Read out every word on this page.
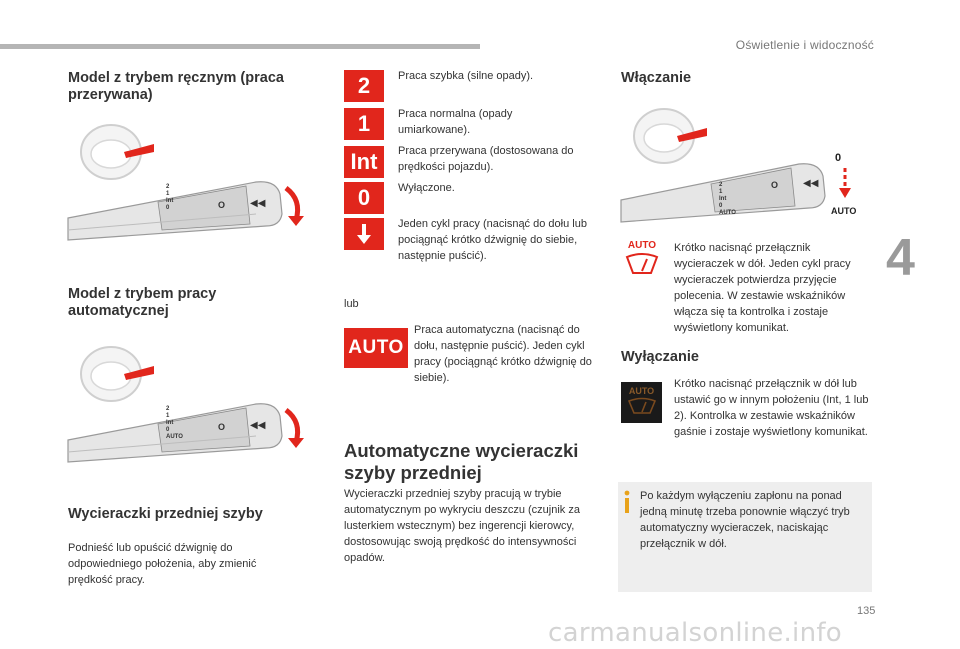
Oświetlenie i widoczność
4
135
carmanualsonline.info
Model z trybem ręcznym (praca przerywana)
2
1
Int
0	O ◀◀
Model z trybem pracy automatycznej
2
1
Int
0
AUTO
O ◀◀
Wycieraczki przedniej szyby
Podnieść lub opuścić dźwignię do odpowiedniego położenia, aby zmienić prędkość pracy.
2	Praca szybka (silne opady).
1	Praca normalna (opady umiarkowane).
Int	Praca przerywana (dostosowana do prędkości pojazdu).
0	Wyłączone.
Jeden cykl pracy (nacisnąć do dołu lub pociągnąć krótko dźwignię do siebie, następnie puścić).
lub
AUTO
Praca automatyczna (nacisnąć do dołu, następnie puścić). Jeden cykl pracy (pociągnąć krótko dźwignię do siebie).
Automatyczne wycieraczki szyby przedniej
Wycieraczki przedniej szyby pracują w trybie automatycznym po wykryciu deszczu (czujnik za lusterkiem wstecznym) bez ingerencji kierowcy, dostosowując swoją prędkość do intensywności opadów.
Włączanie
2
1
Int
0
AUTO
O ◀◀
0
AUTO
AUTO	Krótko nacisnąć przełącznik wycieraczek w dół. Jeden cykl pracy wycieraczek potwierdza przyjęcie polecenia. W zestawie wskaźników włącza się ta kontrolka i zostaje wyświetlony komunikat.
Wyłączanie
AUTO
Krótko nacisnąć przełącznik w dół lub ustawić go w innym położeniu (Int, 1 lub 2). Kontrolka w zestawie wskaźników gaśnie i zostaje wyświetlony komunikat.
Po każdym wyłączeniu zapłonu na ponad jedną minutę trzeba ponownie włączyć tryb automatyczny wycieraczek, naciskając przełącznik w dół.
